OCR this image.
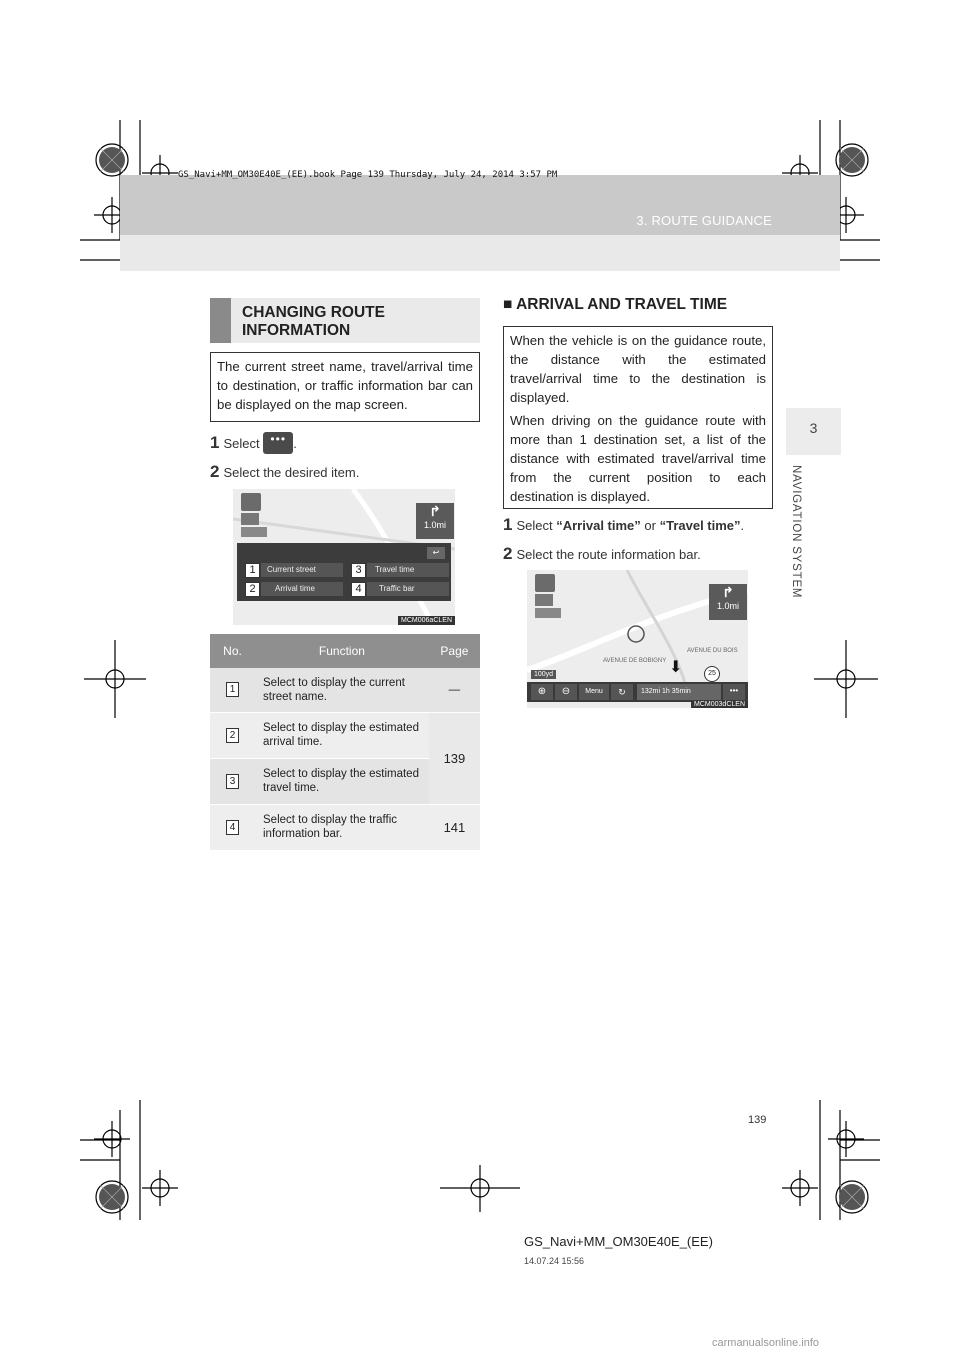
GS_Navi+MM_OM30E40E_(EE).book Page 139 Thursday, July 24, 2014 3:57 PM
3. ROUTE GUIDANCE
3
NAVIGATION SYSTEM
CHANGING ROUTE INFORMATION
The current street name, travel/arrival time to destination, or traffic information bar can be displayed on the map screen.
1 Select ••• .
2 Select the desired item.
↱
1.0mi
↩
Current street	Travel time
Arrival time	Traffic bar
1	3
2	4
MCM006aCLEN
No.	Function	Page
1	Select to display the current street name.	—
2	Select to display the estimated arrival time.	139
3	Select to display the estimated travel time.	
4	Select to display the traffic information bar.	141
■ ARRIVAL AND TRAVEL TIME
When the vehicle is on the guidance route, the distance with the estimated travel/arrival time to the destination is displayed.
When driving on the guidance route with more than 1 destination set, a list of the distance with estimated travel/arrival time from the current position to each destination is displayed.
1 Select “Arrival time” or “Travel time”.
2 Select the route information bar.
AVENUE DE BOBIGNY
AVENUE DU BOIS
↱
1.0mi
100yd	25
⬇
⊕	⊖	Menu	↻	132mi 1h 35min	•••
MCM003dCLEN
139
GS_Navi+MM_OM30E40E_(EE)
14.07.24 15:56
carmanualsonline.info
